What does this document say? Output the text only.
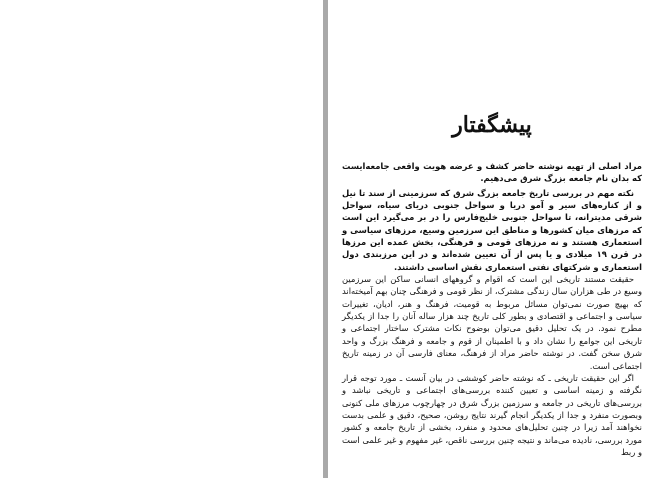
پیشگفتار

مراد اصلی از تهیه نوشته حاضر کشف و عرضه هویت واقعی جامعه‌ایست که بدان نام جامعه بزرگ شرق می‌دهیم.

نکته مهم در بررسی تاریخ جامعه بزرگ شرق که سرزمینی از سند تا نیل و از کناره‌های سیر و آمو دریا و سواحل جنوبی دریای سیاه، سواحل شرقی مدیترانه، تا سواحل جنوبی خلیج‌فارس را در بر می‌گیرد این است که مرزهای میان کشورها و مناطق این سرزمین وسیع، مرزهای سیاسی و استعماری هستند و نه مرزهای قومی و فرهنگی، بخش عمده این مرزها در قرن ۱۹ میلادی و یا پس از آن تعیین شده‌اند و در این مرزبندی دول استعماری و شرکتهای نفتی استعماری نقش اساسی داشتند.

حقیقت مستند تاریخی این است که اقوام و گروههای انسانی ساکن این سرزمین وسیع در طی هزاران سال زندگی مشترک، از نظر قومی و فرهنگی چنان بهم آمیخته‌اند که بهیچ صورت نمی‌توان مسائل مربوط به قومیت، فرهنگ و هنر، ادیان، تغییرات سیاسی و اجتماعی و اقتصادی و بطور کلی تاریخ چند هزار ساله آنان را جدا از یکدیگر مطرح نمود. در یک تحلیل دقیق می‌توان بوضوح نکات مشترک ساختار اجتماعی و تاریخی این جوامع را نشان داد و با اطمینان از قوم و جامعه و فرهنگ بزرگ و واحد شرق سخن گفت. در نوشته حاضر مراد از فرهنگ، معنای فارسی آن در زمینه تاریخ اجتماعی است.

اگر این حقیقت تاریخی ـ که نوشته حاضر کوششی در بیان آنست ـ مورد توجه قرار نگرفته و زمینه اساسی و تعیین کننده بررسی‌های اجتماعی و تاریخی نباشد و بررسی‌های تاریخی در جامعه و سرزمین بزرگ شرق در چهارچوب مرزهای ملی کنونی وبصورت منفرد و جدا از یکدیگر انجام گیرند نتایج روشن، صحیح، دقیق و علمی بدست نخواهند آمد زیرا در چنین تحلیل‌های محدود و منفرد، بخشی از تاریخ جامعه و کشور مورد بررسی، نادیده می‌ماند و نتیجه چنین بررسی ناقص، غیر مفهوم و غیر علمی است و ربط
